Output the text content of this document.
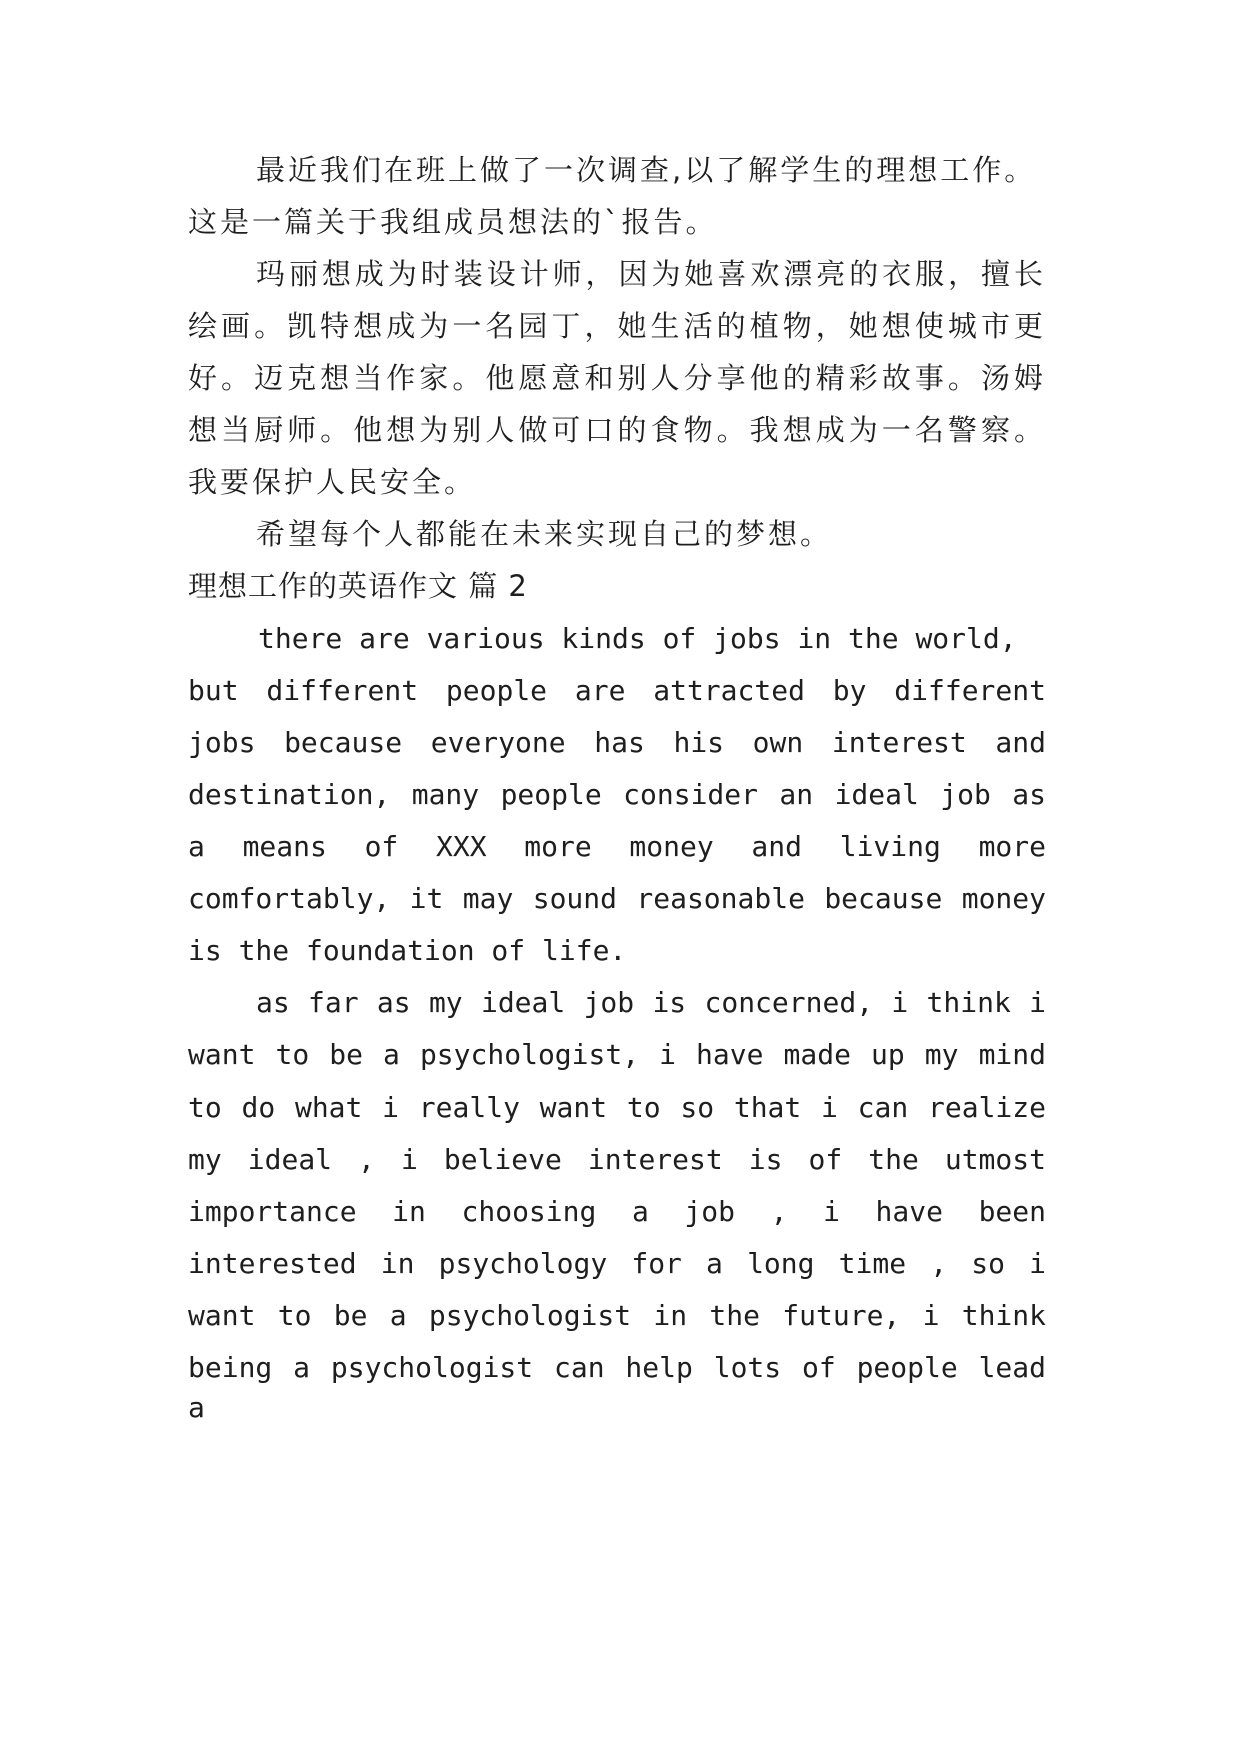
最近我们在班上做了一次调查,以了解学生的理想工作。
这是一篇关于我组成员想法的`报告。
玛丽想成为时装设计师，因为她喜欢漂亮的衣服，擅长
绘画。凯特想成为一名园丁，她生活的植物，她想使城市更
好。迈克想当作家。他愿意和别人分享他的精彩故事。汤姆
想当厨师。他想为别人做可口的食物。我想成为一名警察。
我要保护人民安全。
希望每个人都能在未来实现自己的梦想。
理想工作的英语作文 篇 2
there are various kinds of jobs in the world,
but different people are attracted by different
jobs because everyone has his own interest and
destination, many people consider an ideal job as
a means of XXX more money and living more
comfortably, it may sound reasonable because money
is the foundation of life.
as far as my ideal job is concerned, i think i
want to be a psychologist, i have made up my mind
to do what i really want to so that i can realize
my ideal , i believe interest is of the utmost
importance in choosing a job , i have been
interested in psychology for a long time , so i
want to be a psychologist in the future, i think
being a psychologist can help lots of people lead a
